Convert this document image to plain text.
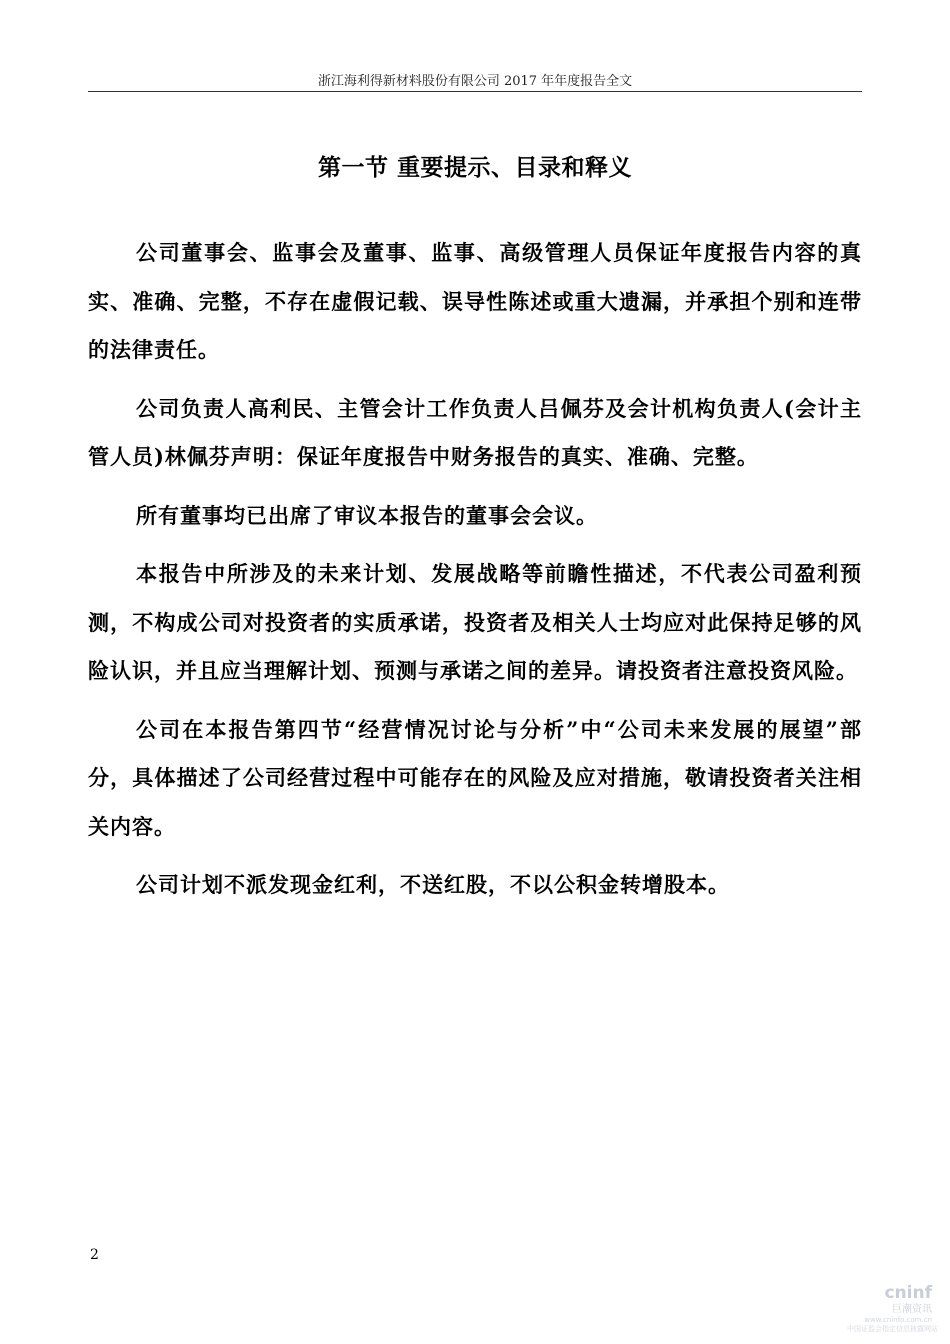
浙江海利得新材料股份有限公司 2017 年年度报告全文
第一节 重要提示、目录和释义

公司董事会、监事会及董事、监事、高级管理人员保证年度报告内容的真实、准确、完整，不存在虚假记载、误导性陈述或重大遗漏，并承担个别和连带的法律责任。

公司负责人高利民、主管会计工作负责人吕佩芬及会计机构负责人(会计主管人员)林佩芬声明：保证年度报告中财务报告的真实、准确、完整。

所有董事均已出席了审议本报告的董事会会议。

本报告中所涉及的未来计划、发展战略等前瞻性描述，不代表公司盈利预测，不构成公司对投资者的实质承诺，投资者及相关人士均应对此保持足够的风险认识，并且应当理解计划、预测与承诺之间的差异。请投资者注意投资风险。

公司在本报告第四节“经营情况讨论与分析”中“公司未来发展的展望”部分，具体描述了公司经营过程中可能存在的风险及应对措施，敬请投资者关注相关内容。

公司计划不派发现金红利，不送红股，不以公积金转增股本。

2
cninf
巨潮资讯
www.cninfo.com.cn
中国证监会指定信息披露网站
